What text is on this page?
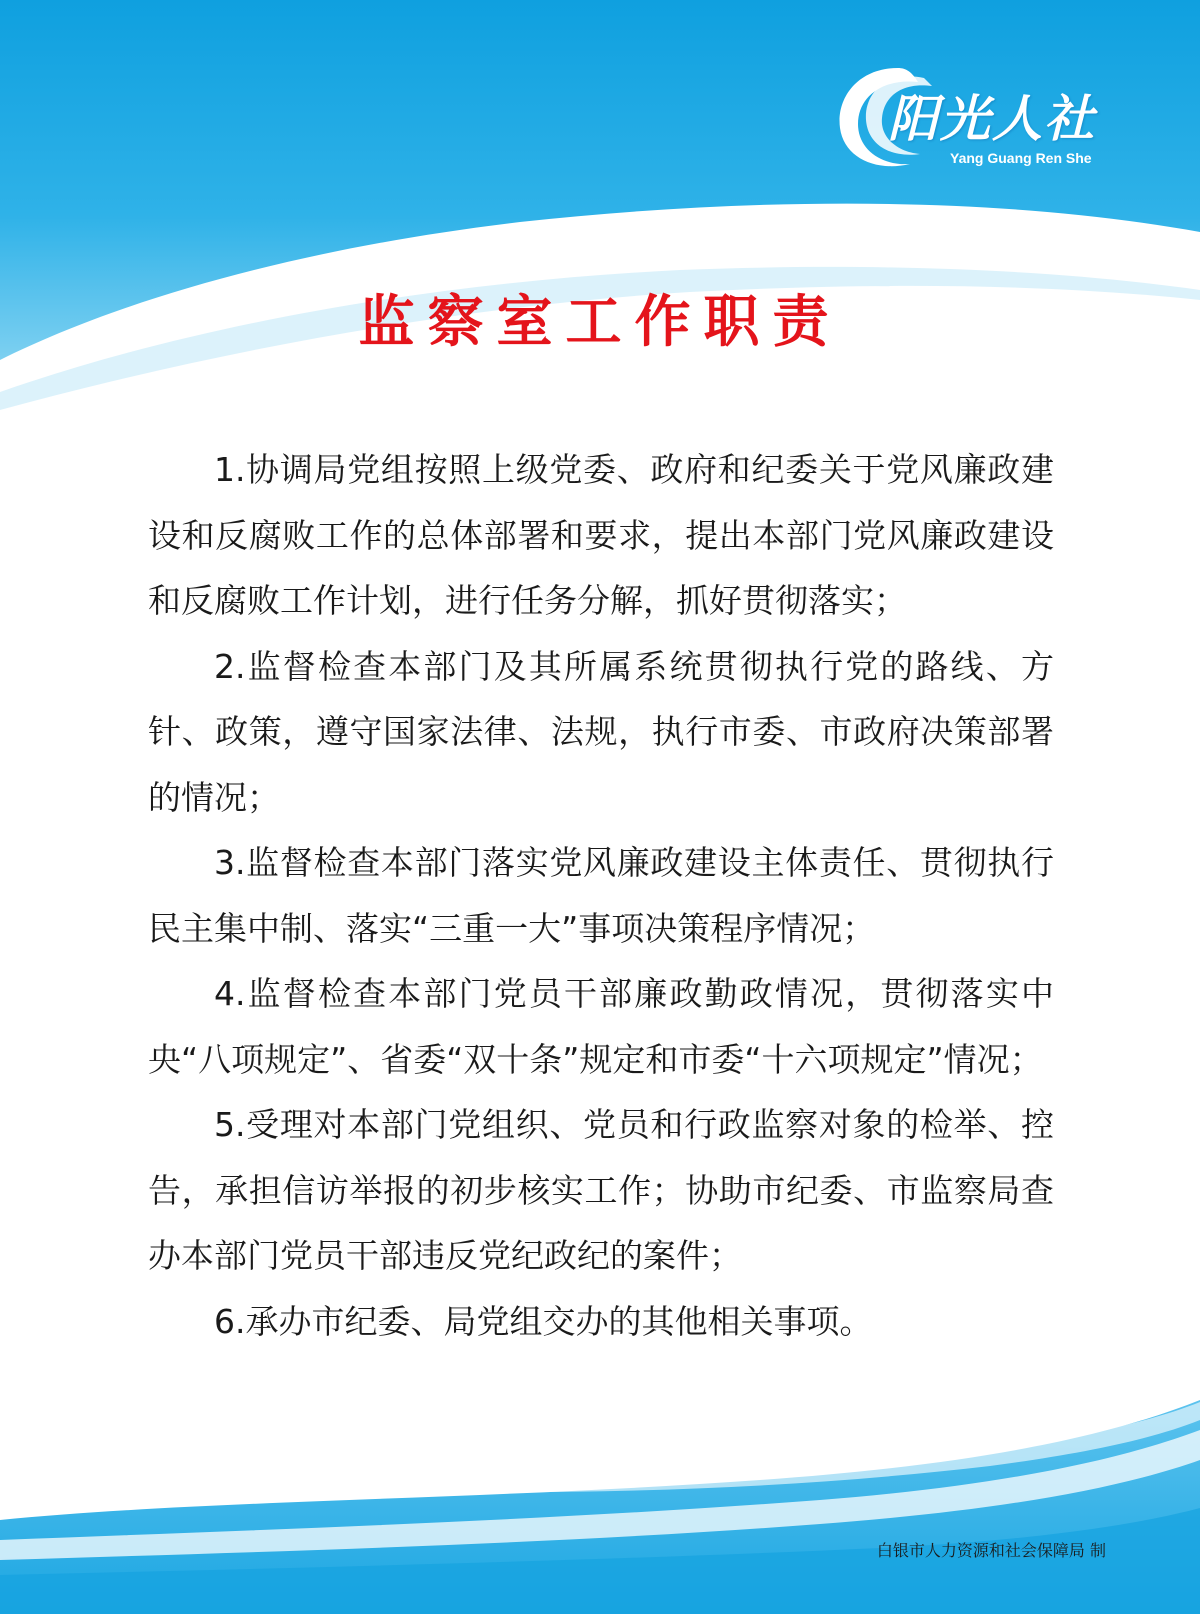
阳光人社
Yang Guang Ren She
监察室工作职责

1.协调局党组按照上级党委、政府和纪委关于党风廉政建设和反腐败工作的总体部署和要求，提出本部门党风廉政建设和反腐败工作计划，进行任务分解，抓好贯彻落实；

2.监督检查本部门及其所属系统贯彻执行党的路线、方针、政策，遵守国家法律、法规，执行市委、市政府决策部署的情况；

3.监督检查本部门落实党风廉政建设主体责任、贯彻执行民主集中制、落实“三重一大”事项决策程序情况；

4.监督检查本部门党员干部廉政勤政情况，贯彻落实中央“八项规定”、省委“双十条”规定和市委“十六项规定”情况；

5.受理对本部门党组织、党员和行政监察对象的检举、控告，承担信访举报的初步核实工作；协助市纪委、市监察局查办本部门党员干部违反党纪政纪的案件；

6.承办市纪委、局党组交办的其他相关事项。

白银市人力资源和社会保障局 制
